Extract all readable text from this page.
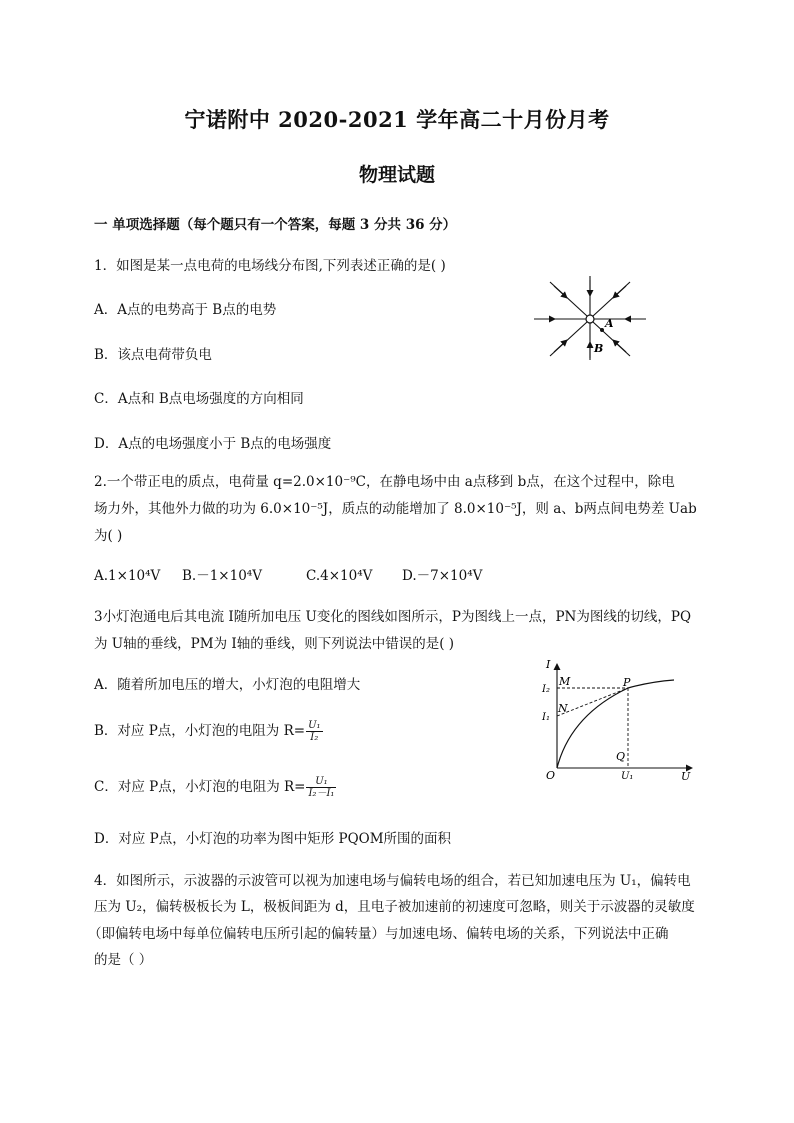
宁诺附中 2020-2021 学年高二十月份月考
物理试题
一 单项选择题（每个题只有一个答案，每题 3 分共 36 分）
1．如图是某一点电荷的电场线分布图,下列表述正确的是( )
A．A点的电势高于 B点的电势
B．该点电荷带负电
C．A点和 B点电场强度的方向相同
D．A点的电场强度小于 B点的电场强度
A
B
2.一个带正电的质点，电荷量 q=2.0×10⁻⁹C，在静电场中由 a点移到 b点，在这个过程中，除电
场力外，其他外力做的功为 6.0×10⁻⁵J，质点的动能增加了 8.0×10⁻⁵J，则 a、b两点间电势差 Uab
为( )
A.1×10⁴V B.－1×10⁴V	C.4×10⁴V D.－7×10⁴V
3小灯泡通电后其电流 I随所加电压 U变化的图线如图所示，P为图线上一点，PN为图线的切线，PQ
为 U轴的垂线，PM为 I轴的垂线，则下列说法中错误的是( )
A．随着所加电压的增大，小灯泡的电阻增大
B．对应 P点，小灯泡的电阻为 $R= \frac{\text{U₁}}{\text{I₂}}$
C．对应 P点，小灯泡的电阻为 $R= \frac{\text{U₁}}{\text{I₂－I₁}}$
D．对应 P点，小灯泡的功率为图中矩形 PQOM所围的面积
I
U
O
M	P
N
Q
I₂
I₁
U₁
4．如图所示，示波器的示波管可以视为加速电场与偏转电场的组合，若已知加速电压为 U₁，偏转电
压为 U₂，偏转极板长为 L，极板间距为 d，且电子被加速前的初速度可忽略，则关于示波器的灵敏度
（即偏转电场中每单位偏转电压所引起的偏转量）与加速电场、偏转电场的关系，下列说法中正确
的是（ ）
